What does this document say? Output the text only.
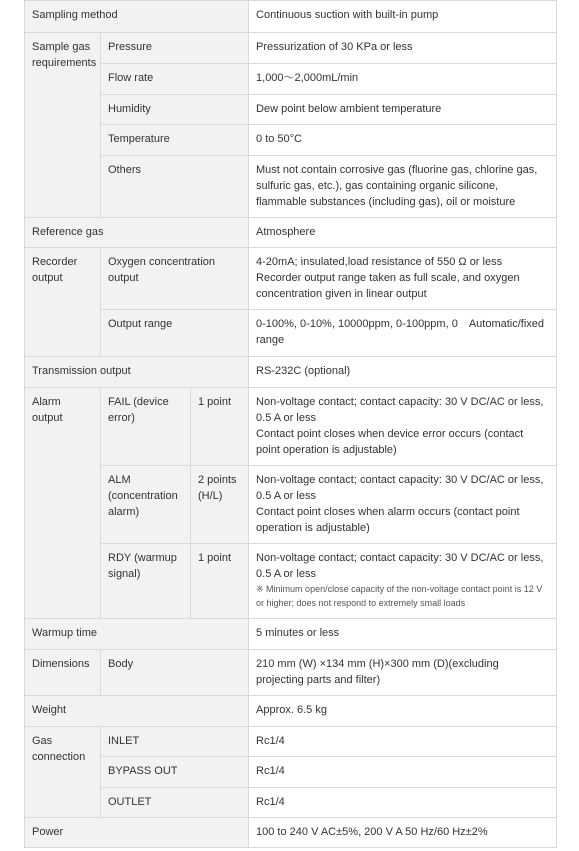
Sampling method			Continuous suction with built-in pump
Sample gas requirements	Pressure		Pressurization of 30 KPa or less
	Flow rate		1,000～2,000mL/min
	Humidity		Dew point below ambient temperature
	Temperature		0 to 50°C
	Others		Must not contain corrosive gas (fluorine gas, chlorine gas, sulfuric gas, etc.), gas containing organic silicone, flammable substances (including gas), oil or moisture
Reference gas			Atmosphere
Recorder output	Oxygen concentration output		4-20mA; insulated,load resistance of 550 Ω or less
Recorder output range taken as full scale, and oxygen concentration given in linear output

	Output range		0-100%, 0-10%, 10000ppm, 0-100ppm, 0　Automatic/fixed range
Transmission output			RS-232C (optional)
Alarm output	FAIL (device error)	1 point	Non-voltage contact; contact capacity: 30 V DC/AC or less, 0.5 A or less
Contact point closes when device error occurs (contact point operation is adjustable)

	ALM (concentration alarm)	2 points (H/L)	Non-voltage contact; contact capacity: 30 V DC/AC or less, 0.5 A or less
Contact point closes when alarm occurs (contact point operation is adjustable)

	RDY (warmup signal)	1 point	Non-voltage contact; contact capacity: 30 V DC/AC or less, 0.5 A or less
※ Minimum open/close capacity of the non-voltage contact point is 12 V or higher; does not respond to extremely small loads

Warmup time			5 minutes or less
Dimensions	Body		210 mm (W) ×134 mm (H)×300 mm (D)(excluding projecting parts and filter)
Weight			Approx. 6.5 kg
Gas connection	INLET		Rc1/4
	BYPASS OUT		Rc1/4
	OUTLET		Rc1/4
Power			100 to 240 V AC±5%, 200 V A 50 Hz/60 Hz±2%
